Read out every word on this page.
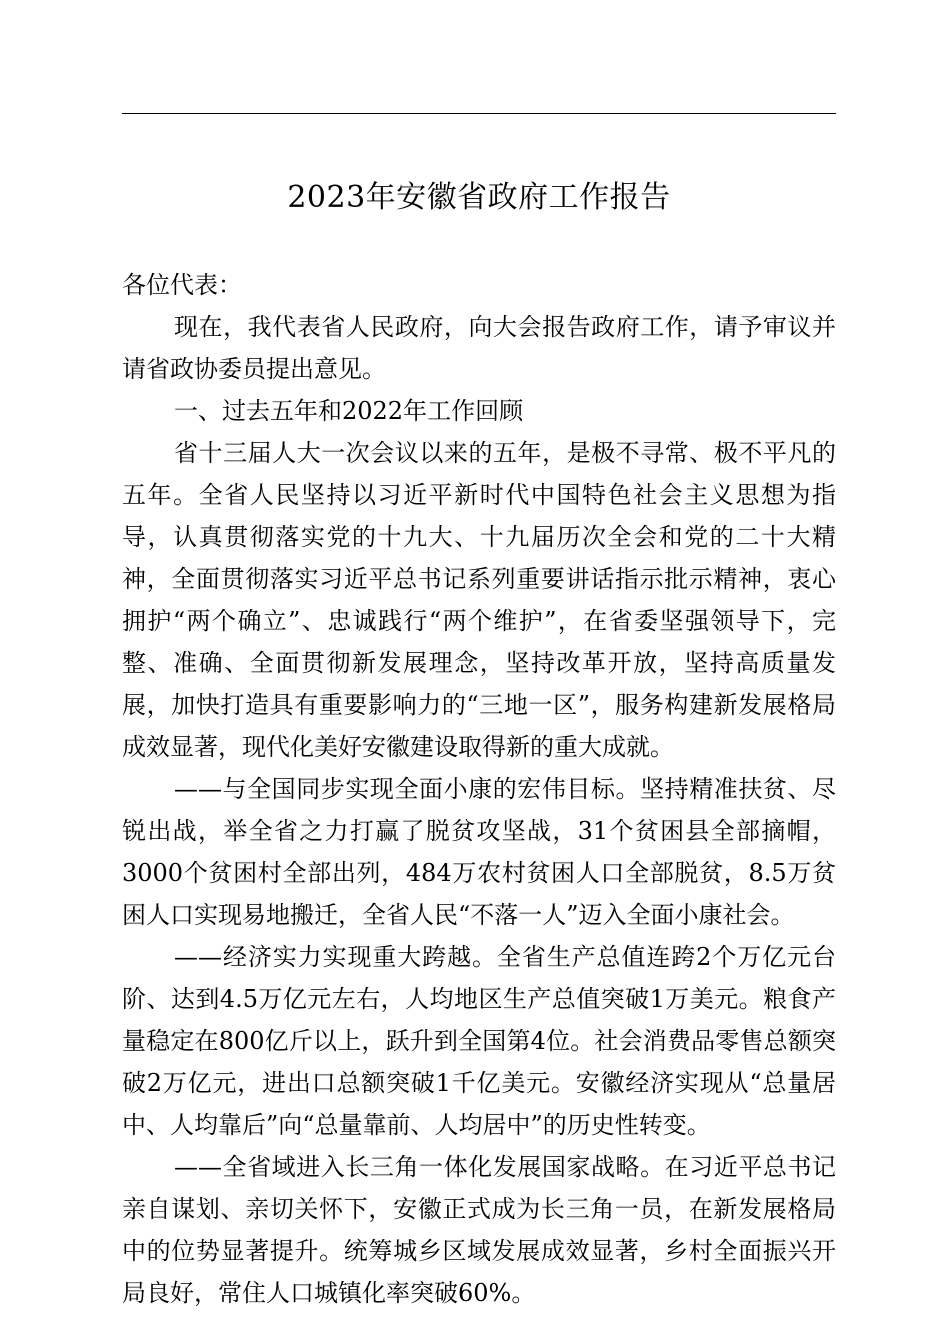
2023年安徽省政府工作报告

各位代表：

现在，我代表省人民政府，向大会报告政府工作，请予审议并请省政协委员提出意见。

一、过去五年和2022年工作回顾

省十三届人大一次会议以来的五年，是极不寻常、极不平凡的五年。全省人民坚持以习近平新时代中国特色社会主义思想为指导，认真贯彻落实党的十九大、十九届历次全会和党的二十大精神，全面贯彻落实习近平总书记系列重要讲话指示批示精神，衷心拥护“两个确立”、忠诚践行“两个维护”，在省委坚强领导下，完整、准确、全面贯彻新发展理念，坚持改革开放，坚持高质量发展，加快打造具有重要影响力的“三地一区”，服务构建新发展格局成效显著，现代化美好安徽建设取得新的重大成就。

——与全国同步实现全面小康的宏伟目标。坚持精准扶贫、尽锐出战，举全省之力打赢了脱贫攻坚战，31个贫困县全部摘帽，3000个贫困村全部出列，484万农村贫困人口全部脱贫，8.5万贫困人口实现易地搬迁，全省人民“不落一人”迈入全面小康社会。

——经济实力实现重大跨越。全省生产总值连跨2个万亿元台阶、达到4.5万亿元左右，人均地区生产总值突破1万美元。粮食产量稳定在800亿斤以上，跃升到全国第4位。社会消费品零售总额突破2万亿元，进出口总额突破1千亿美元。安徽经济实现从“总量居中、人均靠后”向“总量靠前、人均居中”的历史性转变。

——全省域进入长三角一体化发展国家战略。在习近平总书记亲自谋划、亲切关怀下，安徽正式成为长三角一员，在新发展格局中的位势显著提升。统筹城乡区域发展成效显著，乡村全面振兴开局良好，常住人口城镇化率突破60%。
